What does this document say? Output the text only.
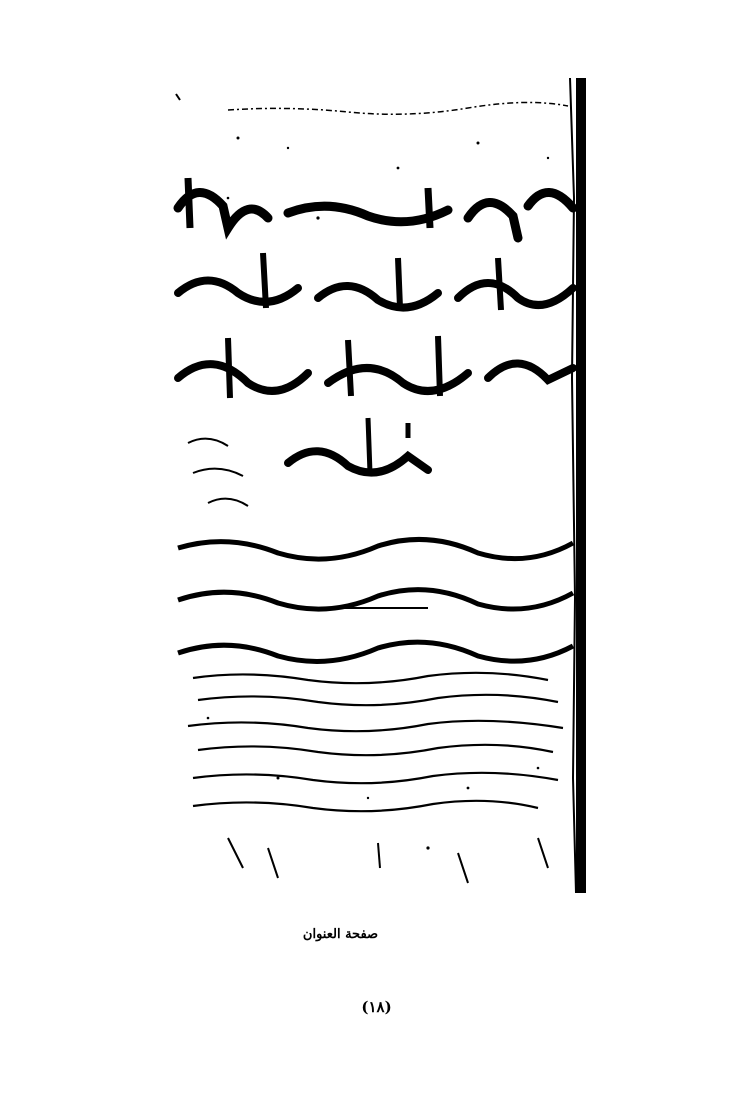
صفحة العنوان
(١٨)
